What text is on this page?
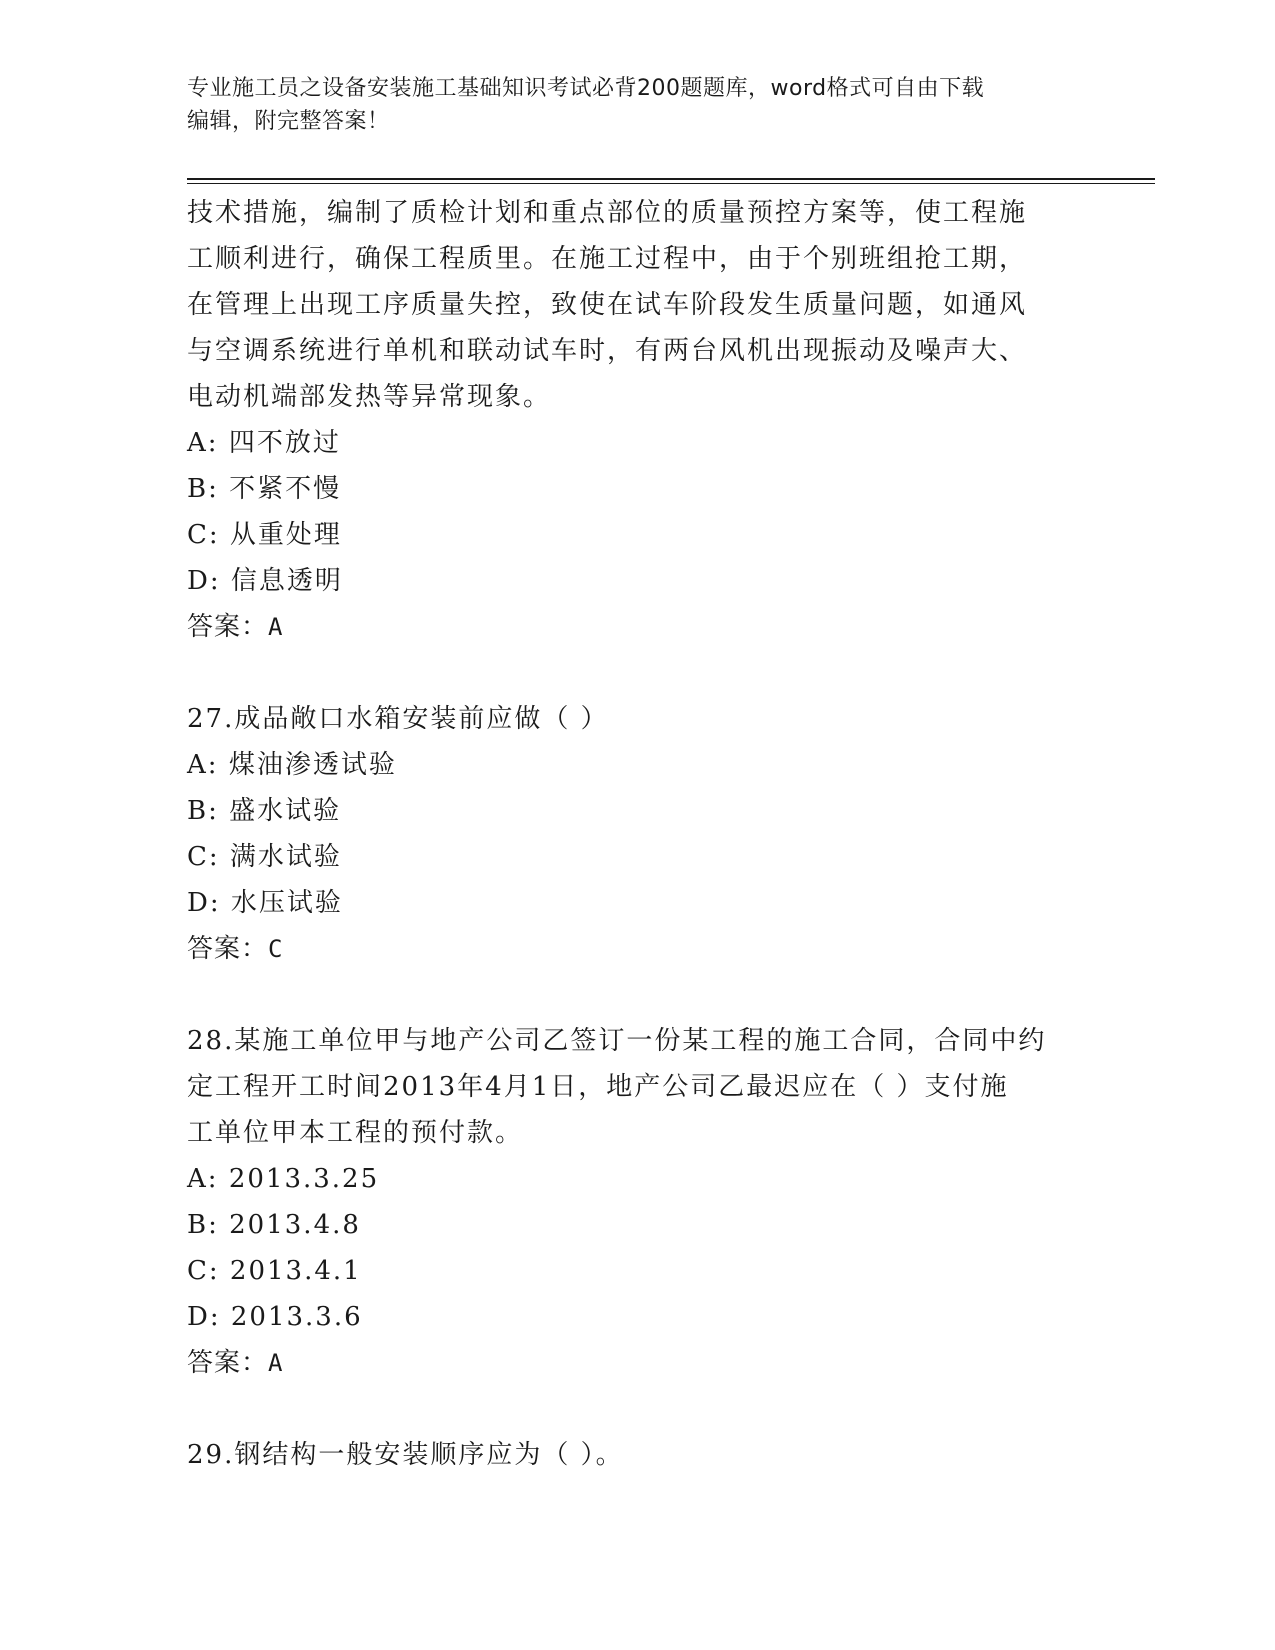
专业施工员之设备安装施工基础知识考试必背200题题库，word格式可自由下载
编辑，附完整答案！

技术措施，编制了质检计划和重点部位的质量预控方案等，使工程施

工顺利进行，确保工程质里。在施工过程中，由于个别班组抢工期，

在管理上出现工序质量失控，致使在试车阶段发生质量问题，如通风

与空调系统进行单机和联动试车时，有两台风机出现振动及噪声大、

电动机端部发热等异常现象。

A: 四不放过
B: 不紧不慢
C: 从重处理
D: 信息透明
答案：A
27.成品敞口水箱安装前应做（ ）
A: 煤油渗透试验
B: 盛水试验
C: 满水试验
D: 水压试验
答案：C

28.某施工单位甲与地产公司乙签订一份某工程的施工合同，合同中约

定工程开工时间2013年4月1日，地产公司乙最迟应在（ ）支付施

工单位甲本工程的预付款。

A: 2013.3.25
B: 2013.4.8
C: 2013.4.1
D: 2013.3.6
答案：A
29.钢结构一般安装顺序应为（ ）。
